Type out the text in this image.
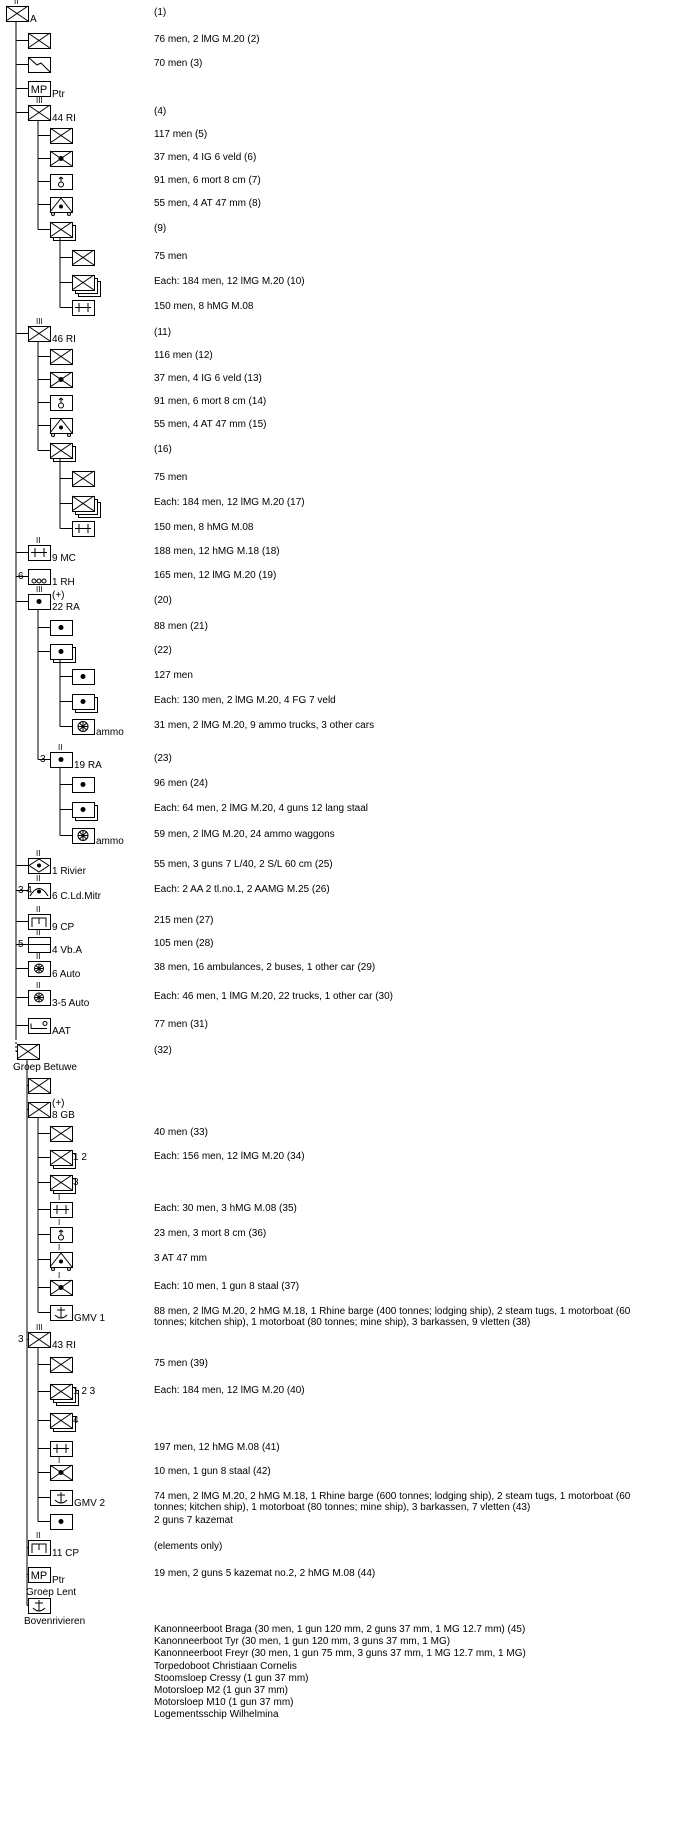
MP
MP
II
A
(1)
76 men, 2 lMG M.20 (2)
70 men (3)
Ptr
III
44 RI
(4)
117 men (5)
37 men, 4 IG 6 veld (6)
91 men, 6 mort 8 cm (7)
55 men, 4 AT 47 mm (8)
(9)
75 men
Each: 184 men, 12 lMG M.20 (10)
150 men, 8 hMG M.08
III
46 RI
(11)
116 men (12)
37 men, 4 IG 6 veld (13)
91 men, 6 mort 8 cm (14)
55 men, 4 AT 47 mm (15)
(16)
75 men
Each: 184 men, 12 lMG M.20 (17)
150 men, 8 hMG M.08
II
9 MC
188 men, 12 hMG M.18 (18)
6
1 RH
165 men, 12 lMG M.20 (19)
III
(+)
22 RA
(20)
88 men (21)
(22)
127 men
Each: 130 men, 2 lMG M.20, 4 FG 7 veld
ammo
31 men, 2 lMG M.20, 9 ammo trucks, 3 other cars
II
3
19 RA
(23)
96 men (24)
Each: 64 men, 2 lMG M.20, 4 guns 12 lang staal
ammo
59 men, 2 lMG M.20, 24 ammo waggons
II
1 Rivier
55 men, 3 guns 7 L/40, 2 S/L 60 cm (25)
II
3 4
6 C.Ld.Mitr
Each: 2 AA 2 tl.no.1, 2 AAMG M.25 (26)
II
9 CP
215 men (27)
II
5
4 Vb.A
105 men (28)
II
6 Auto
38 men, 16 ambulances, 2 buses, 1 other car (29)
II
3-5 Auto
Each: 46 men, 1 lMG M.20, 22 trucks, 1 other car (30)
AAT
77 men (31)
Groep Betuwe
(32)
(+)
8 GB
40 men (33)
1 2	Each: 156 men, 12 lMG M.20 (34)
3
I
Each: 30 men, 3 hMG M.08 (35)
I
23 men, 3 mort 8 cm (36)
I
3 AT 47 mm
I
Each: 10 men, 1 gun 8 staal (37)
GMV 1
88 men, 2 lMG M.20, 2 hMG M.18, 1 Rhine barge (400 tonnes; lodging ship), 2 steam tugs, 1 motorboat (60 tonnes; kitchen ship), 1 motorboat (80 tonnes; mine ship), 3 barkassen, 9 vletten (38)
III
3
43 RI
75 men (39)
1 2 3	Each: 184 men, 12 lMG M.20 (40)
4
197 men, 12 hMG M.08 (41)
I
10 men, 1 gun 8 staal (42)
GMV 2
74 men, 2 lMG M.20, 2 hMG M.18, 1 Rhine barge (600 tonnes; lodging ship), 2 steam tugs, 1 motorboat (60 tonnes; kitchen ship), 1 motorboat (80 tonnes; mine ship), 3 barkassen, 7 vletten (43)
2 guns 7 kazemat
II
11 CP
(elements only)
Ptr
Groep Lent
19 men, 2 guns 5 kazemat no.2, 2 hMG M.08 (44)
Bovenrivieren
Kanonneerboot Braga (30 men, 1 gun 120 mm, 2 guns 37 mm, 1 MG 12.7 mm) (45)
Kanonneerboot Tyr (30 men, 1 gun 120 mm, 3 guns 37 mm, 1 MG)
Kanonneerboot Freyr (30 men, 1 gun 75 mm, 3 guns 37 mm, 1 MG 12.7 mm, 1 MG)
Torpedoboot Christiaan Cornelis
Stoomsloep Cressy (1 gun 37 mm)
Motorsloep M2 (1 gun 37 mm)
Motorsloep M10 (1 gun 37 mm)
Logementsschip Wilhelmina
